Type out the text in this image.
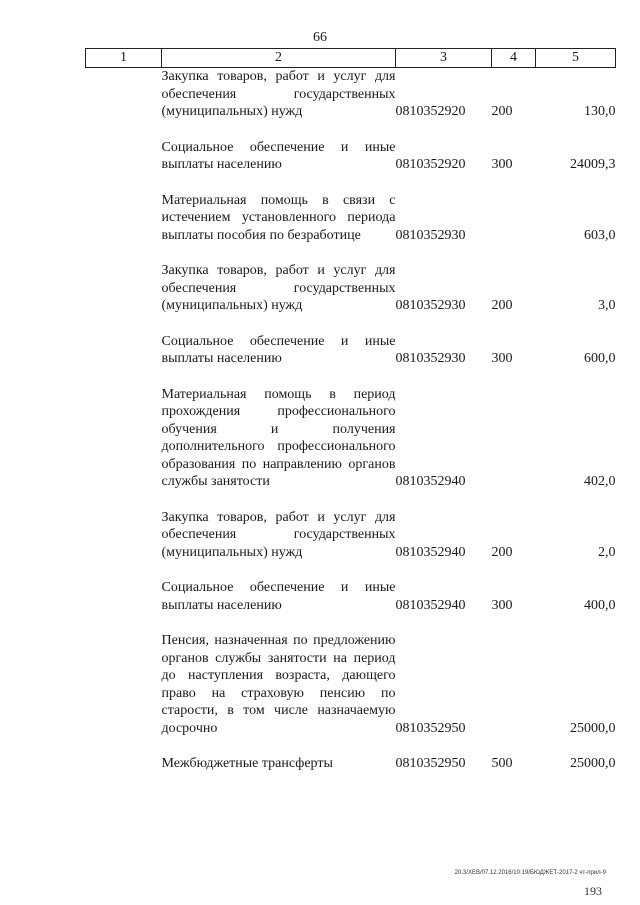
66
1	2	3	4	5
	Закупка товаров, работ и услуг для обеспечения государственных (муниципальных) нужд	0810352920	200	130,0

	Социальное обеспечение и иные выплаты населению	0810352920	300	24009,3

	Материальная помощь в связи с истечением установленного периода выплаты пособия по безработице	0810352930		603,0

	Закупка товаров, работ и услуг для обеспечения государственных (муниципальных) нужд	0810352930	200	3,0

	Социальное обеспечение и иные выплаты населению	0810352930	300	600,0

	Материальная помощь в период прохождения профессионального обучения и получения дополнительного профессионального образования по направлению органов службы занятости	0810352940		402,0

	Закупка товаров, работ и услуг для обеспечения государственных (муниципальных) нужд	0810352940	200	2,0

	Социальное обеспечение и иные выплаты населению	0810352940	300	400,0

	Пенсия, назначенная по предложению органов службы занятости на период до наступления возраста, дающего право на страховую пенсию по старости, в том числе назначаемую досрочно	0810352950		25000,0

	Межбюджетные трансферты	0810352950	500	25000,0
20.3/ХЕВ/07.12.2016/10:19/БЮДЖЕТ-2017-2 чт-прил-9
193
